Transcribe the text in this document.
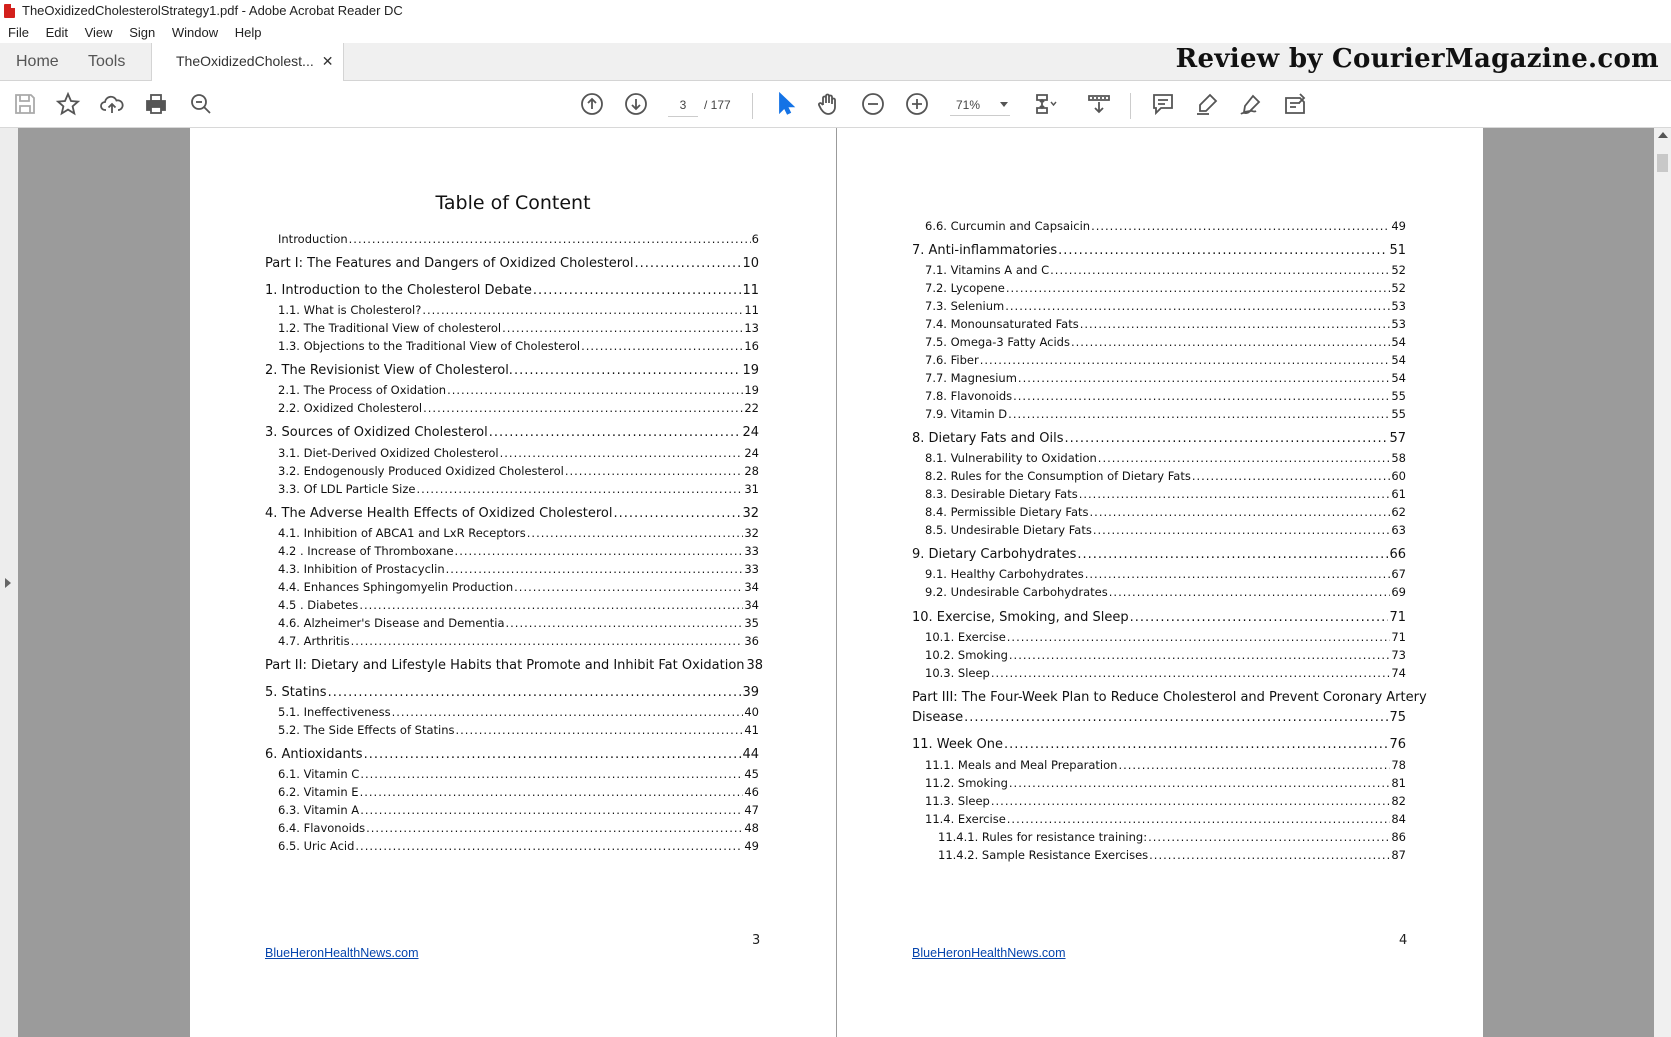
TheOxidizedCholesterolStrategy1.pdf - Adobe Acrobat Reader DC
File Edit View Sign Window Help
Home Tools	TheOxidizedCholest... ✕	Review by CourierMagazine.com
3	/ 177	71%
Table of Content
Introduction .....	6
Part I: The Features and Dangers of Oxidized Cholesterol .....	10
1. Introduction to the Cholesterol Debate .....	11
1.1. What is Cholesterol? .....	11
1.2. The Traditional View of cholesterol .....	13
1.3. Objections to the Traditional View of Cholesterol .....	16
2. The Revisionist View of Cholesterol. .....	19
2.1. The Process of Oxidation .....	19
2.2. Oxidized Cholesterol .....	22
3. Sources of Oxidized Cholesterol .....	24
3.1. Diet-Derived Oxidized Cholesterol .....	24
3.2. Endogenously Produced Oxidized Cholesterol .....	28
3.3. Of LDL Particle Size .....	31
4. The Adverse Health Effects of Oxidized Cholesterol .....	32
4.1. Inhibition of ABCA1 and LxR Receptors .....	32
4.2 . Increase of Thromboxane .....	33
4.3. Inhibition of Prostacyclin .....	33
4.4. Enhances Sphingomyelin Production .....	34
4.5 . Diabetes .....	34
4.6. Alzheimer's Disease and Dementia .....	35
4.7. Arthritis .....	36
Part II: Dietary and Lifestyle Habits that Promote and Inhibit Fat Oxidation 38
5. Statins .....	39
5.1. Ineffectiveness .....	40
5.2. The Side Effects of Statins .....	41
6. Antioxidants .....	44
6.1. Vitamin C .....	45
6.2. Vitamin E .....	46
6.3. Vitamin A .....	47
6.4. Flavonoids .....	48
6.5. Uric Acid .....	49
3
BlueHeronHealthNews.com
6.6. Curcumin and Capsaicin .....	49
7. Anti-inflammatories .....	51
7.1. Vitamins A and C .....	52
7.2. Lycopene .....	52
7.3. Selenium .....	53
7.4. Monounsaturated Fats .....	53
7.5. Omega-3 Fatty Acids .....	54
7.6. Fiber .....	54
7.7. Magnesium .....	54
7.8. Flavonoids .....	55
7.9. Vitamin D .....	55
8. Dietary Fats and Oils .....	57
8.1. Vulnerability to Oxidation .....	58
8.2. Rules for the Consumption of Dietary Fats .....	60
8.3. Desirable Dietary Fats .....	61
8.4. Permissible Dietary Fats .....	62
8.5. Undesirable Dietary Fats .....	63
9. Dietary Carbohydrates .....	66
9.1. Healthy Carbohydrates .....	67
9.2. Undesirable Carbohydrates .....	69
10. Exercise, Smoking, and Sleep .....	71
10.1. Exercise .....	71
10.2. Smoking .....	73
10.3. Sleep .....	74
Part III: The Four-Week Plan to Reduce Cholesterol and Prevent Coronary Artery
Disease .....	75
11. Week One .....	76
11.1. Meals and Meal Preparation .....	78
11.2. Smoking .....	81
11.3. Sleep .....	82
11.4. Exercise .....	84
11.4.1. Rules for resistance training: .....	86
11.4.2. Sample Resistance Exercises .....	87
4
BlueHeronHealthNews.com
